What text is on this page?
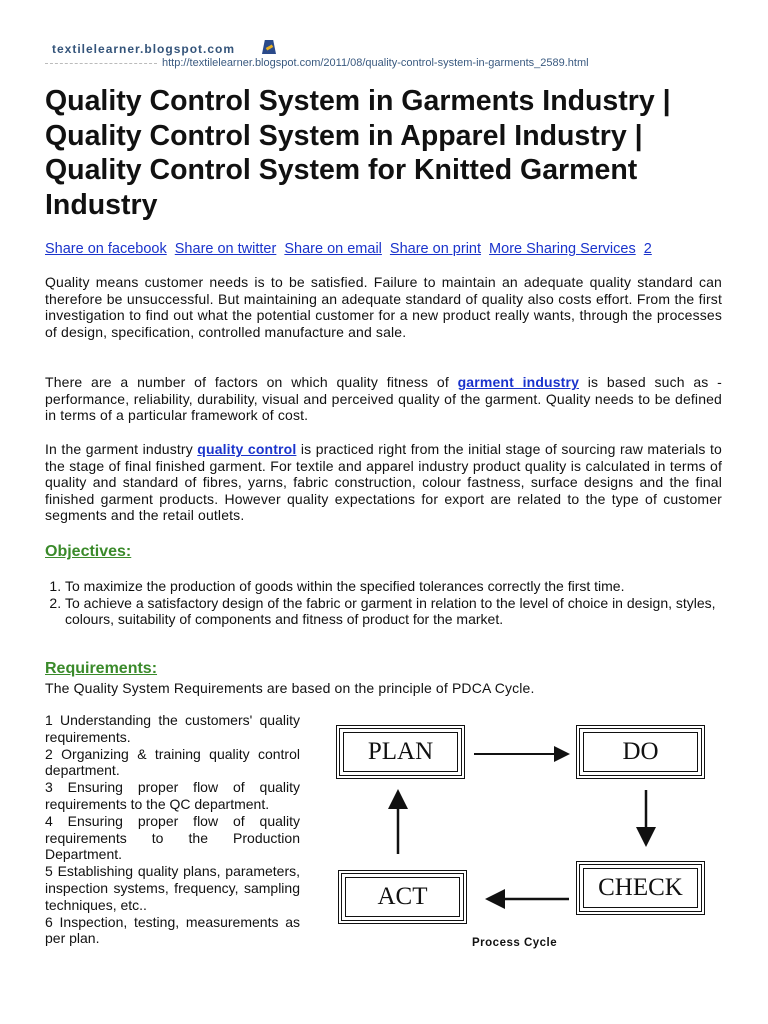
textilelearner.blogspot.com
http://textilelearner.blogspot.com/2011/08/quality-control-system-in-garments_2589.html
Quality Control System in Garments Industry | Quality Control System in Apparel Industry | Quality Control System for Knitted Garment Industry
Share on facebook Share on twitter Share on email Share on print More Sharing Services 2

Quality means customer needs is to be satisfied. Failure to maintain an adequate quality standard can therefore be unsuccessful. But maintaining an adequate standard of quality also costs effort. From the first investigation to find out what the potential customer for a new product really wants, through the processes of design, specification, controlled manufacture and sale.

There are a number of factors on which quality fitness of garment industry is based such as - performance, reliability, durability, visual and perceived quality of the garment. Quality needs to be defined in terms of a particular framework of cost.

In the garment industry quality control is practiced right from the initial stage of sourcing raw materials to the stage of final finished garment. For textile and apparel industry product quality is calculated in terms of quality and standard of fibres, yarns, fabric construction, colour fastness, surface designs and the final finished garment products. However quality expectations for export are related to the type of customer segments and the retail outlets.

Objectives:
1. To maximize the production of goods within the specified tolerances correctly the first time.
2. To achieve a satisfactory design of the fabric or garment in relation to the level of choice in design, styles, colours, suitability of components and fitness of product for the market.
Requirements:

The Quality System Requirements are based on the principle of PDCA Cycle.

1 Understanding the customers' quality requirements.
2 Organizing & training quality control department.
3 Ensuring proper flow of quality requirements to the QC department.
4 Ensuring proper flow of quality requirements to the Production Department.
5 Establishing quality plans, parameters, inspection systems, frequency, sampling techniques, etc..
6 Inspection, testing, measurements as per plan.
PLAN	DO
CHECK
ACT
Process Cycle
